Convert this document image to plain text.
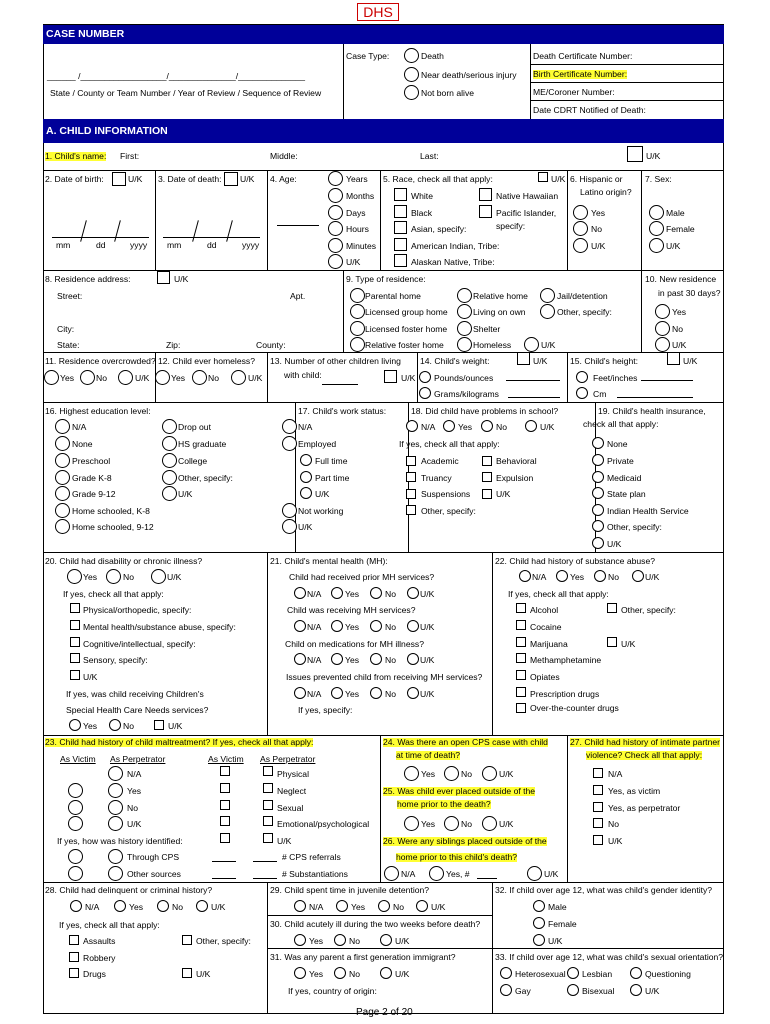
DHS
CASE NUMBER
Case Type:	Death
Near death/serious injury
Not born alive
Death Certificate Number:
Birth Certificate Number:
ME/Coroner Number:
Date CDRT Notified of Death:
______ /__________________/______________/______________
State / County or Team Number / Year of Review / Sequence of Review
A. CHILD INFORMATION
1. Child's name: First:	Middle:	Last:	U/K
2. Date of birth:	U/K
mm	dd	yyyy
3. Date of death: U/K
mm	dd	yyyy
4. Age:	Years
Months
Days
Hours
Minutes
U/K
5. Race, check all that apply:	U/K
White
Black
Asian, specify:
American Indian, Tribe:
Alaskan Native, Tribe:
Native Hawaiian
Pacific Islander,
specify:
6. Hispanic or
Latino origin?
Yes
No
U/K
7. Sex:
Male
Female
U/K
8. Residence address:	U/K
Street:	Apt.
City:
State:	Zip:	County:
9. Type of residence:
Parental home
Licensed group home
Licensed foster home
Relative foster home
Relative home
Living on own
Shelter
Homeless
Jail/detention
Other, specify:
U/K
10. New residence
in past 30 days?
Yes
No
U/K
11. Residence overcrowded?
Yes	No	U/K
12. Child ever homeless?
Yes	No	U/K
13. Number of other children living
with child:	U/K
14. Child's weight:	U/K
Pounds/ounces
Grams/kilograms
15. Child's height:	U/K
Feet/inches
Cm
16. Highest education level:
N/A
None
Preschool
Grade K-8
Grade 9-12
Home schooled, K-8
Home schooled, 9-12
Drop out
HS graduate
College
Other, specify:
U/K
17. Child's work status:
N/A
Employed
Full time
Part time
U/K
Not working
U/K
18. Did child have problems in school?
N/A	Yes	No	U/K
If yes, check all that apply:
Academic	Behavioral
Truancy	Expulsion
Suspensions	U/K
Other, specify:
19. Child's health insurance,
check all that apply:
None
Private
Medicaid
State plan
Indian Health Service
Other, specify:
U/K
20. Child had disability or chronic illness?
Yes	No	U/K
If yes, check all that apply:
Physical/orthopedic, specify:
Mental health/substance abuse, specify:
Cognitive/intellectual, specify:
Sensory, specify:
U/K
If yes, was child receiving Children's
Special Health Care Needs services?
Yes	No	U/K
21. Child's mental health (MH):
Child had received prior MH services?
N/A	Yes	No	U/K
Child was receiving MH services?
N/A	Yes	No	U/K
Child on medications for MH illness?
N/A	Yes	No	U/K
Issues prevented child from receiving MH services?
N/A	Yes	No	U/K
If yes, specify:
22. Child had history of substance abuse?
N/A	Yes	No	U/K
If yes, check all that apply:
Alcohol	Other, specify:
Cocaine
Marijuana	U/K
Methamphetamine
Opiates
Prescription drugs
Over-the-counter drugs
23. Child had history of child maltreatment? If yes, check all that apply:
As Victim As Perpetrator	As Victim As Perpetrator
N/A
Yes
No
U/K
Physical
Neglect
Sexual
Emotional/psychological
U/K
If yes, how was history identified:
Through CPS
Other sources
# CPS referrals
# Substantiations
24. Was there an open CPS case with child
at time of death?
Yes	No	U/K
25. Was child ever placed outside of the
home prior to the death?
Yes	No	U/K
26. Were any siblings placed outside of the
home prior to this child's death?
N/A	Yes, #	U/K
27. Child had history of intimate partner
violence? Check all that apply:
N/A
Yes, as victim
Yes, as perpetrator
No
U/K
28. Child had delinquent or criminal history?
N/A	Yes	No	U/K
If yes, check all that apply:
Assaults	Other, specify:
Robbery
Drugs	U/K
29. Child spent time in juvenile detention?
N/A	Yes	No	U/K
30. Child acutely ill during the two weeks before death?
Yes	No	U/K
31. Was any parent a first generation immigrant?
Yes	No	U/K
If yes, country of origin:
32. If child over age 12, what was child's gender identity?
Male
Female
U/K
33. If child over age 12, what was child's sexual orientation?
Heterosexual Lesbian	Questioning
Gay	Bisexual	U/K
Page 2 of 20
